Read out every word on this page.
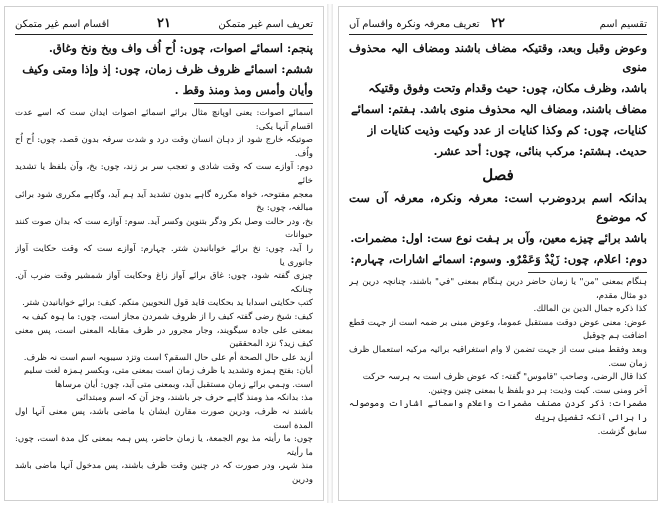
تعریف اسم غیر متمکن
۲۱
اقسام اسم غیر متمکن
پنجم: اسمائے اصوات، چوں: اُح اُف واف وبخ ونخ وغاق.
ششم: اسمائے ظروف ظرف زمان، چوں: إذ وإذا ومتی وكيف
وأيان وأمس ومذ ومنذ وقط .
اسمائے اصوات: یعنی اوپانچ مثال برائے اسمائے اصوات ایدان ست کہ اسے عدت اقسام آنہا یکی:
صوتیکہ خارج شود از دہان انسان وقت درد و شدت سرفہ بدون قصد، چوں: اُح اُح واُف.
دوم: آوازے ست کہ وقت شادی و تعجب سر بر زند، چوں: بخ، وآن بلفظ یا تشدید خائے
معجم مفتوحہ، خواہ مکررہ گاہے بدون تشدید آید ہم آید، وگاہے مکرری شود برائی مبالغہ، چوں: بخ
بخ، ودر حالت وصل بكر ودگر بتنوين وكسر آيد. سوم: آوازے ست كہ بدان صوت كنند حيوانات
را آيد، چوں: نخ برائے خوابانيدن شتر. چہارم: آوازے ست كہ وقت حكايت آواز جانورى يا
چیزی گفتہ شود، چوں: غاق برائے آواز زاغ وحكايت آواز شمشير وقت ضرب آن. چنانكہ
كتب حكايتى اسدابا يد بحكايت قايد قول النحويين منكم. كيف: برائے خوابانيدن شتر.
كيف: شيخ رضی گفتہ كيف را از ظروف شمردن مجاز است، چوں: ما ہوہ كيف بہ
بمعنى على جادہ سيگويند، وجار مجرور در ظرف مقابلہ المعنى است، پس معنى كيف زيد؟ نزد المحققين
أزيد على حال الصحة أم على حال السقم؟ است وتزد سيبويہ اسم است نہ ظرف.
أيان: بفتح ہمزہ وتشديد يا ظرف زمان است بمعنى متى، وبكسر ہمزہ لغت سليم
است. وہمي برائے زمان مستقبل آيد، وبمعنى متى آيد، چوں: أيان مرساها
مذ: بدانكہ مذ ومنذ گاہے حرف جر باشند، وجز آن كہ اسم ومبتدائى
باشند نہ ظرف، ودرين صورت مقارن ايشان يا ماضى باشد، پس معنى آنہا اول المدة است
چوں: ما رأيتہ مذ يوم الجمعة، يا زمان حاضر، پس ہمہ بمعنى كل مدة است، چوں: ما رأيتہ
منذ شہر، ودر صورت كہ در چنين وقت ظرف باشند، پس مدخول آنہا ماضى باشد ودرين
تقسیم اسم
۲۲
تعریف معرفہ ونکرہ واقسام آں
وعوض وقبل وبعد، وقتیکہ مضاف باشند ومضاف الیہ محذوف منوی
باشد، وظرف مکان، چوں: حیث وقدام وتحت وفوق وقتیکہ
مضاف باشند، ومضاف الیہ محذوف منوی باشد. ہفتم: اسمائے
کنایات، چوں: کم وكذا كنايات از عدد وكيت وذيت كنايات از
حديث. ہشتم: مركب بنائی، چوں: أحد عشر.
فصل
بدانکہ اسم بردوضرب است: معرفہ ونکرہ، معرفہ آں ست کہ موضوع
باشد برائے چیزے معین، وآں بر ہفت نوع ست: اول: مضمرات.
دوم: اعلام، چوں: زَيْدٌ وَعَمْرٌو. وسوم: اسمائے اشارات، چہارم:
ہنگام بمعنی "من" يا زمان حاضر درين ہنگام بمعنی "في" باشند، چنانچہ درين ہر دو مثال مقدم،
كذا ذكره جمال الدين بن المالك.
عوض: معنى عوض دوقت مستقبل عموما، وعوض مبنى بر ضمہ است از جہت قطع اضافت ہم چوقبل
وبعد وفقط مبنى ست از جہت تضمن لا وام استغراقيہ برائيہ مركبہ استعمال ظرف زمان ست.
كذا قال الرضی، وصاحب "قاموس" گفتہ: كہ عوض ظرف است بہ ہرسہ حركت
آخر ومنى ست. كيت وذيت: ہر دو بلفظ يا بمعنى چنين وچنين.
مضمرات: ذكر كردن مصنف مضمرات واعلام واسمائے اشارات وموصولہ را برائى آنكہ تفصيل ہريك
سابق گزشت.
